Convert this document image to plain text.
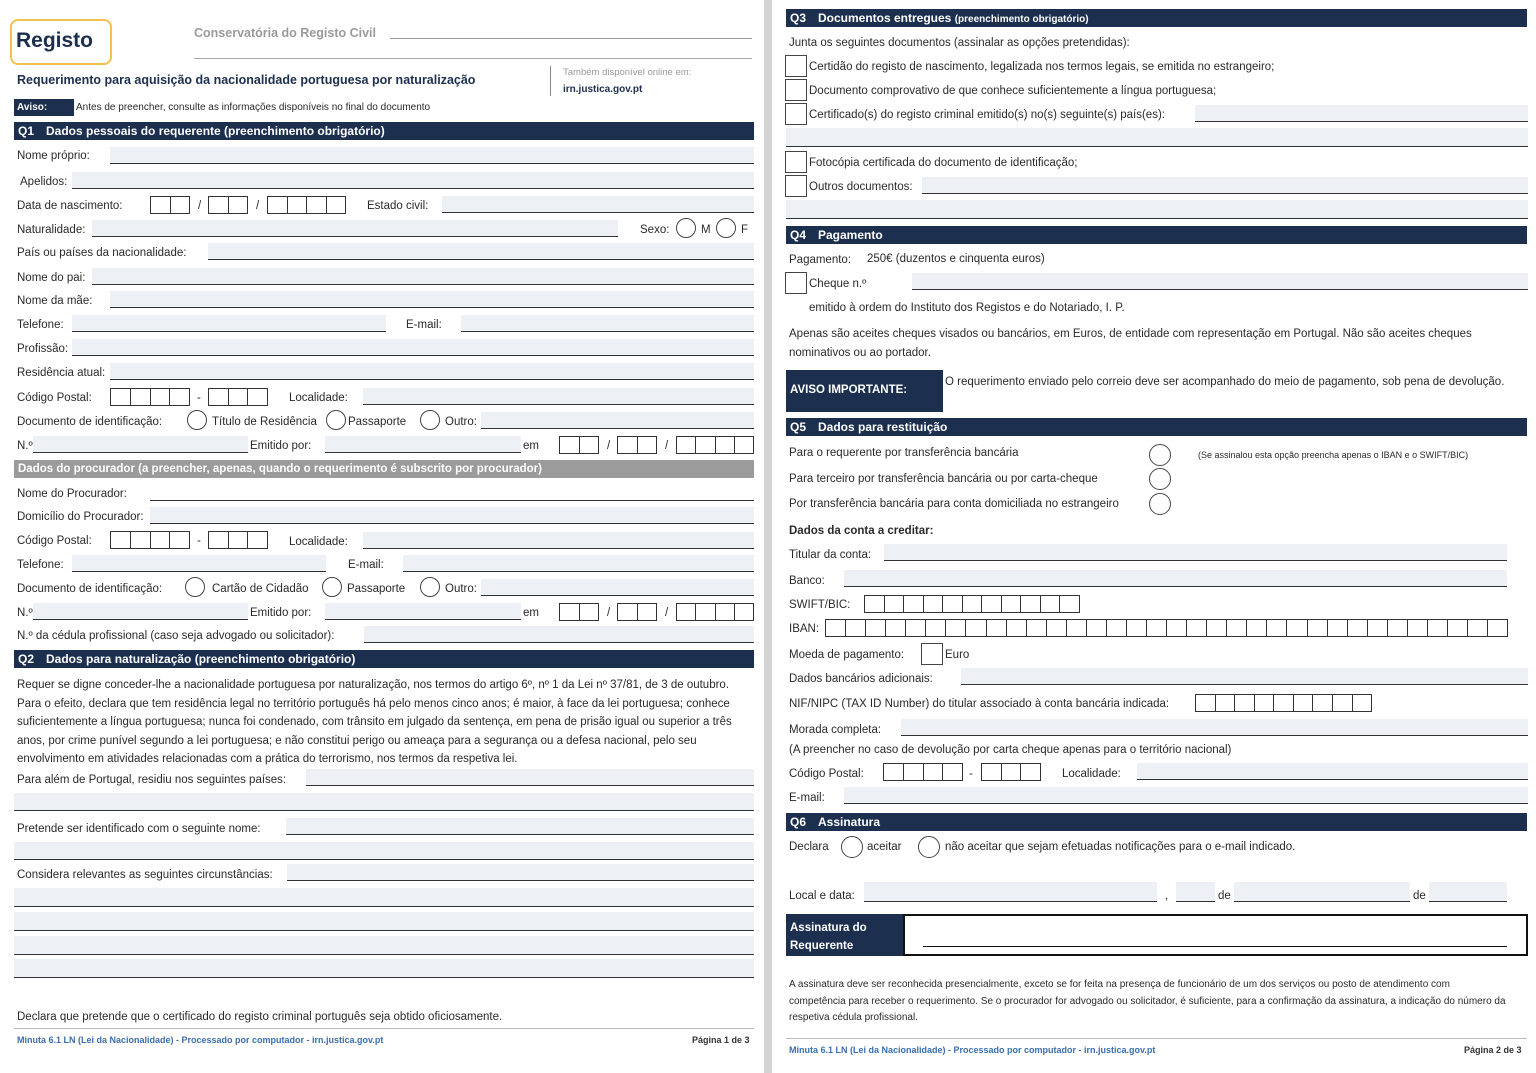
Registo	Conservatória do Registo Civil
Requerimento para aquisição da nacionalidade portuguesa por naturalização
Também disponível online em:
irn.justica.gov.pt
Aviso:	Antes de preencher, consulte as informações disponíveis no final do documento
Q1 Dados pessoais do requerente (preenchimento obrigatório)
Nome próprio:
Apelidos:
Data de nascimento:	/	/	Estado civil:
Naturalidade:	Sexo:	M	F
País ou países da nacionalidade:
Nome do pai:
Nome da mãe:
Telefone:	E-mail:
Profissão:
Residência atual:
Código Postal:	-	Localidade:
Documento de identificação:	Título de Residência	Passaporte	Outro:
N.º	Emitido por:	em	/	/
Dados do procurador (a preencher, apenas, quando o requerimento é subscrito por procurador)
Nome do Procurador:
Domicílio do Procurador:
Código Postal:	-	Localidade:
Telefone:	E-mail:
Documento de identificação:	Cartão de Cidadão	Passaporte	Outro:
N.º	Emitido por:	em	/	/
N.º da cédula profissional (caso seja advogado ou solicitador):
Q2 Dados para naturalização (preenchimento obrigatório)

Requer se digne conceder-lhe a nacionalidade portuguesa por naturalização, nos termos do artigo 6º, nº 1 da Lei nº 37/81, de 3 de outubro. Para o efeito, declara que tem residência legal no território português há pelo menos cinco anos; é maior, à face da lei portuguesa; conhece suficientemente a língua portuguesa; nunca foi condenado, com trânsito em julgado da sentença, em pena de prisão igual ou superior a três anos, por crime punível segundo a lei portuguesa; e não constitui perigo ou ameaça para a segurança ou a defesa nacional, pelo seu envolvimento em atividades relacionadas com a prática do terrorismo, nos termos da respetiva lei.

Para além de Portugal, residiu nos seguintes países:
Pretende ser identificado com o seguinte nome:
Considera relevantes as seguintes circunstâncias:
Declara que pretende que o certificado do registo criminal português seja obtido oficiosamente.
Minuta 6.1 LN (Lei da Nacionalidade) - Processado por computador - irn.justica.gov.pt	Página 1 de 3
Q3 Documentos entregues (preenchimento obrigatório)
Junta os seguintes documentos (assinalar as opções pretendidas):
Certidão do registo de nascimento, legalizada nos termos legais, se emitida no estrangeiro;
Documento comprovativo de que conhece suficientemente a língua portuguesa;
Certificado(s) do registo criminal emitido(s) no(s) seguinte(s) país(es):
Fotocópia certificada do documento de identificação;
Outros documentos:
Q4 Pagamento
Pagamento: 250€ (duzentos e cinquenta euros)
Cheque n.º
emitido à ordem do Instituto dos Registos e do Notariado, I. P.

Apenas são aceites cheques visados ou bancários, em Euros, de entidade com representação em Portugal. Não são aceites cheques nominativos ou ao portador.

AVISO IMPORTANTE:

O requerimento enviado pelo correio deve ser acompanhado do meio de pagamento, sob pena de devolução.

Q5 Dados para restituição
Para o requerente por transferência bancária	(Se assinalou esta opção preencha apenas o IBAN e o SWIFT/BIC)
Para terceiro por transferência bancária ou por carta-cheque
Por transferência bancária para conta domiciliada no estrangeiro
Dados da conta a creditar:
Titular da conta:
Banco:
SWIFT/BIC:
IBAN:
Moeda de pagamento:	Euro
Dados bancários adicionais:
NIF/NIPC (TAX ID Number) do titular associado à conta bancária indicada:
Morada completa:
(A preencher no caso de devolução por carta cheque apenas para o território nacional)
Código Postal:	-	Localidade:
E-mail:
Q6 Assinatura
Declara	aceitar	não aceitar que sejam efetuadas notificações para o e-mail indicado.
Local e data:	,	de	de
Assinatura do Requerente

A assinatura deve ser reconhecida presencialmente, exceto se for feita na presença de funcionário de um dos serviços ou posto de atendimento com competência para receber o requerimento. Se o procurador for advogado ou solicitador, é suficiente, para a confirmação da assinatura, a indicação do número da respetiva cédula profissional.

Minuta 6.1 LN (Lei da Nacionalidade) - Processado por computador - irn.justica.gov.pt	Página 2 de 3
